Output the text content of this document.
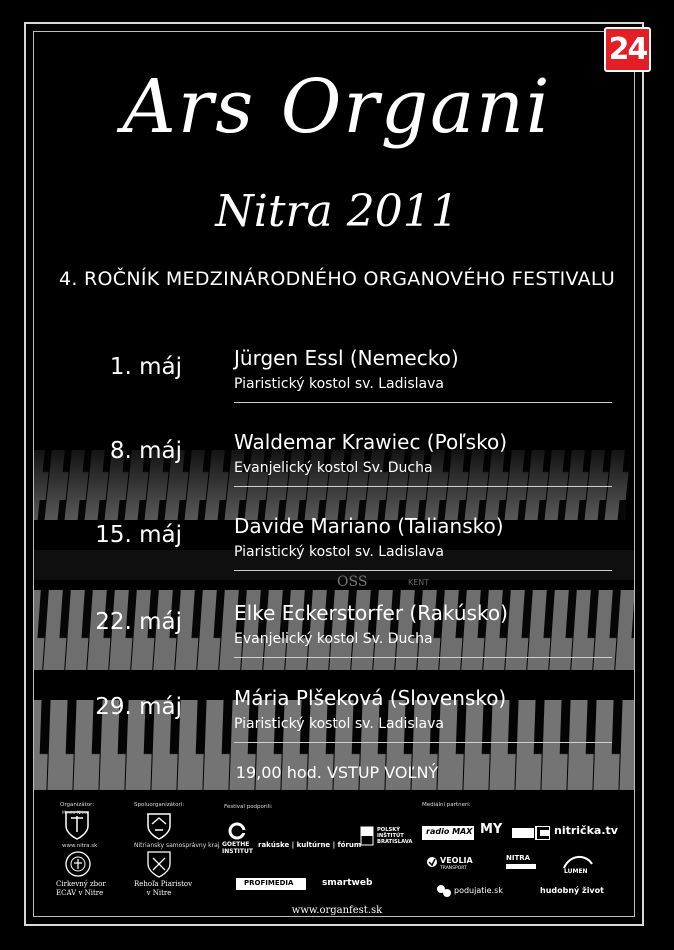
OSS	KENT
24
Ars Organi
Nitra 2011
4. ROČNÍK MEDZINÁRODNÉHO ORGANOVÉHO FESTIVALU
1. máj	Jürgen Essl (Nemecko)
Piaristický kostol sv. Ladislava
8. máj	Waldemar Krawiec (Poľsko)
Evanjelický kostol Sv. Ducha
15. máj	Davide Mariano (Taliansko)
Piaristický kostol sv. Ladislava
22. máj	Elke Eckerstorfer (Rakúsko)
Evanjelický kostol Sv. Ducha
29. máj	Mária Plšeková (Slovensko)
Piaristický kostol sv. Ladislava
19,00 hod. VSTUP VOĽNÝ
Organizátor:	Spoluorganizátori:	Festival podporili:	Mediálni partneri:
Mesto Nitra
www.nitra.sk	Nitriansky samosprávny kraj
Cirkevný zbor
ECAV v Nitre
Rehoľa Piaristov
v Nitre
GOETHE
INSTITUT
rakúske | kultúrne | fórum
POLSKÝ
INŠTITÚT
BRATISLAVA
PROFIMEDIA	smartweb
radio MAX MY	nitrička.tv
VEOLIA
TRANSPORT
NITRA
LUMEN
podujatie.sk	hudobný život
www.organfest.sk
